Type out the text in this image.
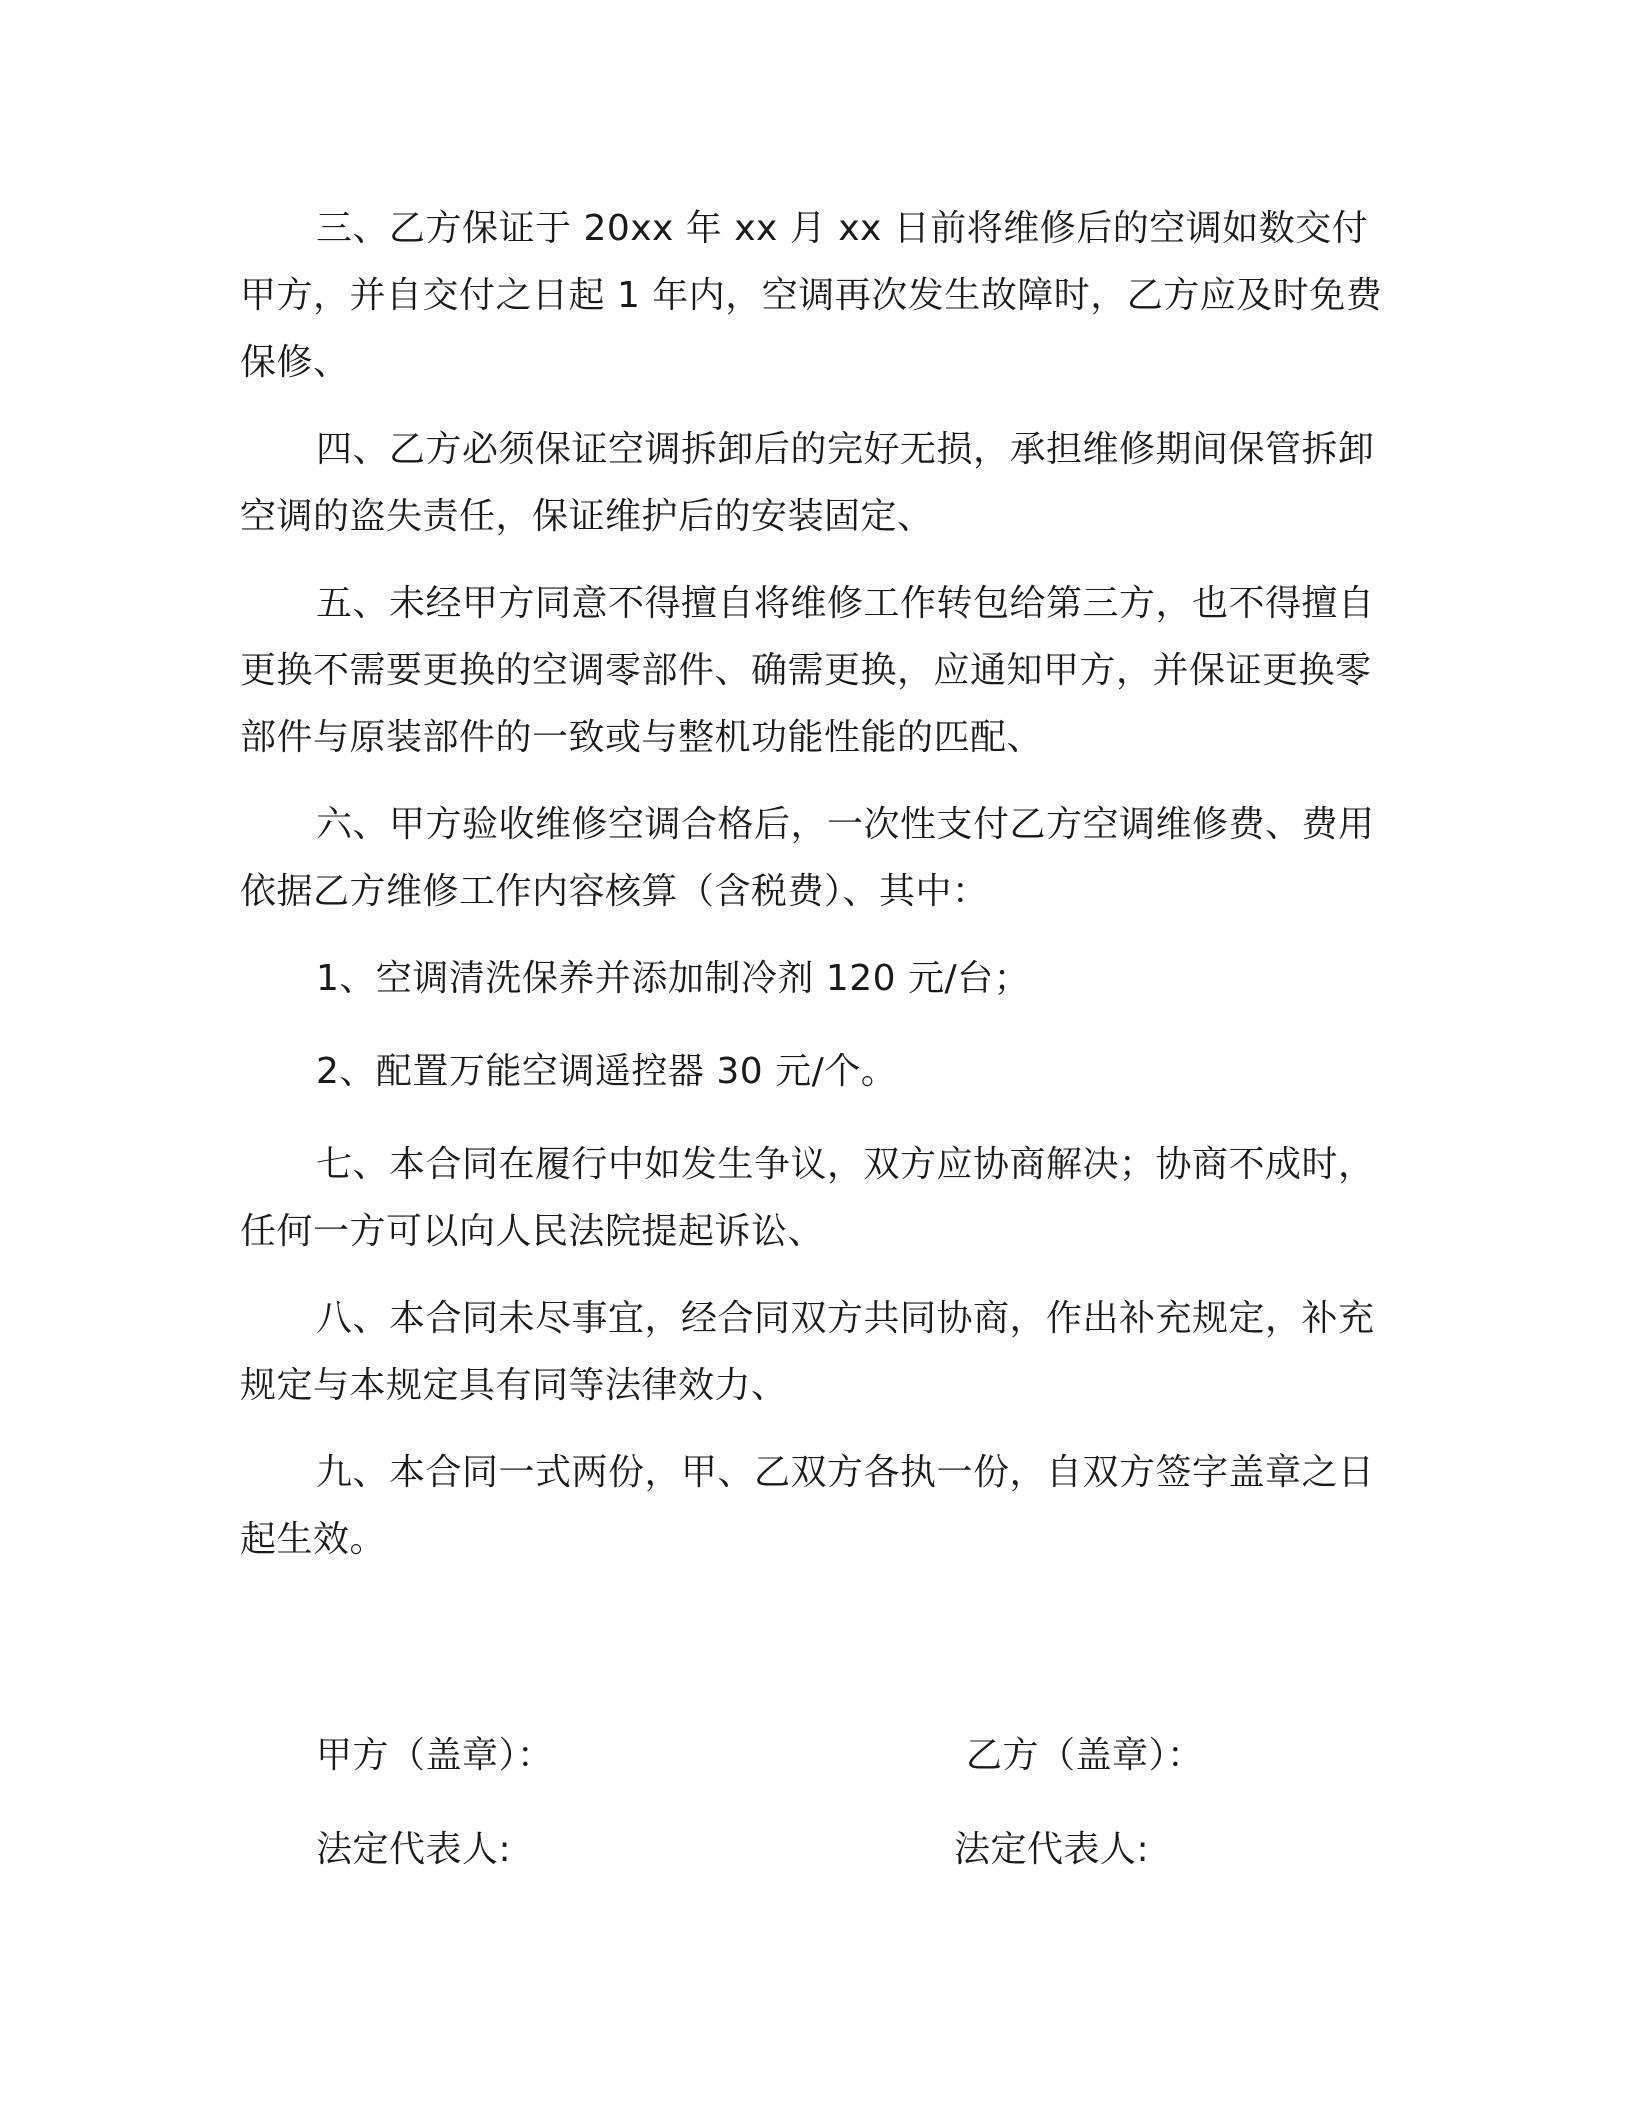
三、乙方保证于 20xx 年 xx 月 xx 日前将维修后的空调如数交付甲方，并自交付之日起 1 年内，空调再次发生故障时，乙方应及时免费保修、

四、乙方必须保证空调拆卸后的完好无损，承担维修期间保管拆卸空调的盗失责任，保证维护后的安装固定、

五、未经甲方同意不得擅自将维修工作转包给第三方，也不得擅自更换不需要更换的空调零部件、确需更换，应通知甲方，并保证更换零部件与原装部件的一致或与整机功能性能的匹配、

六、甲方验收维修空调合格后，一次性支付乙方空调维修费、费用依据乙方维修工作内容核算（含税费）、其中：

1、空调清洗保养并添加制冷剂 120 元/台；

2、配置万能空调遥控器 30 元/个。

七、本合同在履行中如发生争议，双方应协商解决；协商不成时，任何一方可以向人民法院提起诉讼、

八、本合同未尽事宜，经合同双方共同协商，作出补充规定，补充规定与本规定具有同等法律效力、

九、本合同一式两份，甲、乙双方各执一份，自双方签字盖章之日起生效。

甲方（盖章）：	乙方（盖章）：
法定代表人:	法定代表人:
